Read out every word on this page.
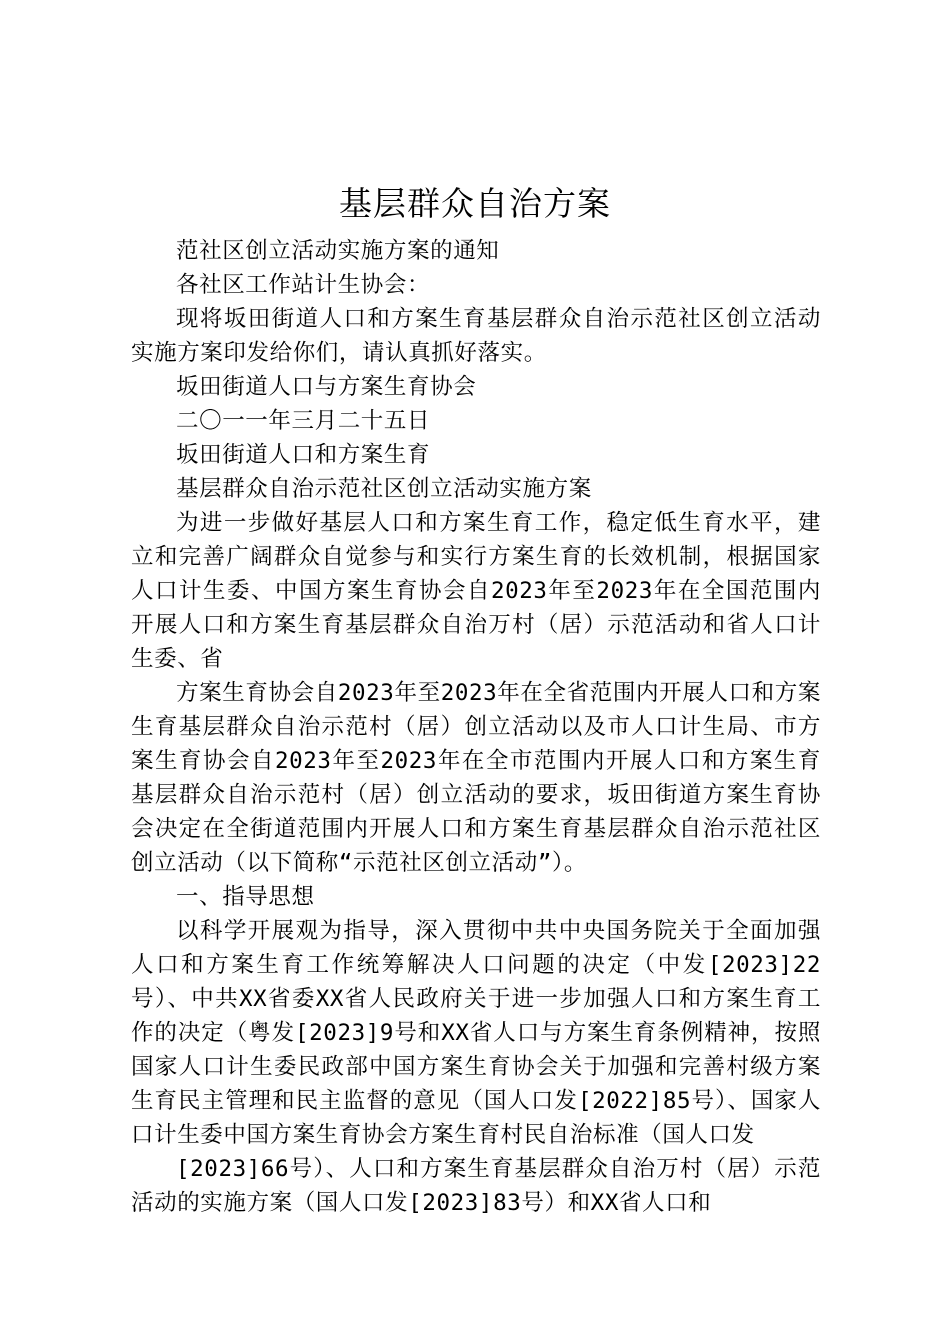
基层群众自治方案

范社区创立活动实施方案的通知

各社区工作站计生协会：

现将坂田街道人口和方案生育基层群众自治示范社区创立活动实施方案印发给你们，请认真抓好落实。

坂田街道人口与方案生育协会

二〇一一年三月二十五日

坂田街道人口和方案生育

基层群众自治示范社区创立活动实施方案

为进一步做好基层人口和方案生育工作，稳定低生育水平，建立和完善广阔群众自觉参与和实行方案生育的长效机制，根据国家人口计生委、中国方案生育协会自2023年至2023年在全国范围内开展人口和方案生育基层群众自治万村（居）示范活动和省人口计生委、省

方案生育协会自2023年至2023年在全省范围内开展人口和方案生育基层群众自治示范村（居）创立活动以及市人口计生局、市方案生育协会自2023年至2023年在全市范围内开展人口和方案生育基层群众自治示范村（居）创立活动的要求，坂田街道方案生育协会决定在全街道范围内开展人口和方案生育基层群众自治示范社区创立活动（以下简称“示范社区创立活动”）。

一、指导思想

以科学开展观为指导，深入贯彻中共中央国务院关于全面加强人口和方案生育工作统筹解决人口问题的决定（中发[2023]22号）、中共XX省委XX省人民政府关于进一步加强人口和方案生育工作的决定（粤发[2023]9号和XX省人口与方案生育条例精神，按照国家人口计生委民政部中国方案生育协会关于加强和完善村级方案生育民主管理和民主监督的意见（国人口发[2022]85号）、国家人口计生委中国方案生育协会方案生育村民自治标准（国人口发

[2023]66号）、人口和方案生育基层群众自治万村（居）示范活动的实施方案（国人口发[2023]83号）和XX省人口和
